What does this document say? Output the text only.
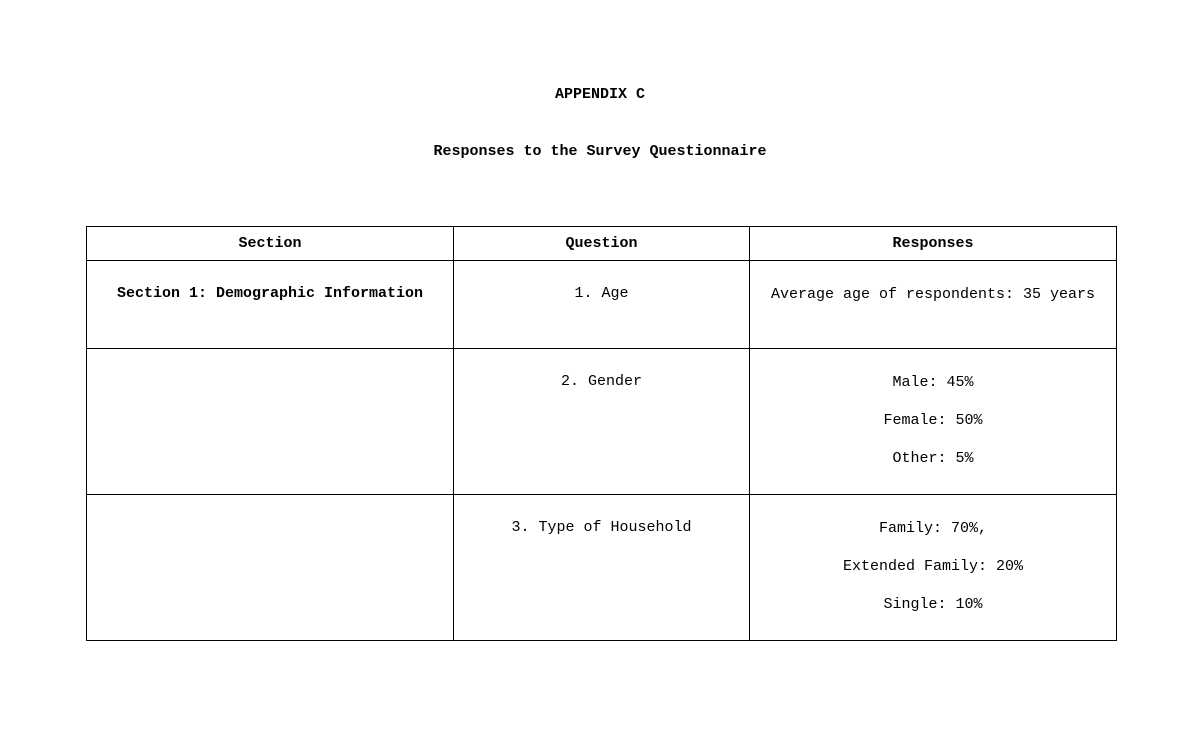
APPENDIX C
Responses to the Survey Questionnaire
Section	Question	Responses
Section 1: Demographic Information	1. Age	Average age of respondents: 35 years

	2. Gender	Male: 45%
Female: 50%
Other: 5%

	3. Type of Household	Family: 70%,
Extended Family: 20%
Single: 10%
